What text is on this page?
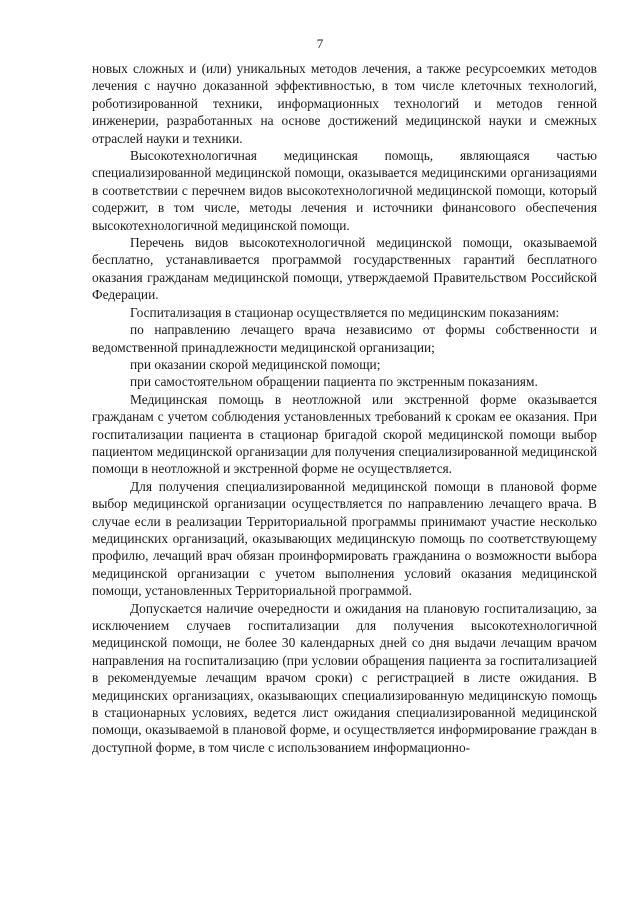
7

новых сложных и (или) уникальных методов лечения, а также ресурсоемких методов лечения с научно доказанной эффективностью, в том числе клеточных технологий, роботизированной техники, информационных технологий и методов генной инженерии, разработанных на основе достижений медицинской науки и смежных отраслей науки и техники.

Высокотехнологичная медицинская помощь, являющаяся частью специализированной медицинской помощи, оказывается медицинскими организациями в соответствии с перечнем видов высокотехнологичной медицинской помощи, который содержит, в том числе, методы лечения и источники финансового обеспечения высокотехнологичной медицинской помощи.

Перечень видов высокотехнологичной медицинской помощи, оказываемой бесплатно, устанавливается программой государственных гарантий бесплатного оказания гражданам медицинской помощи, утверждаемой Правительством Российской Федерации.

Госпитализация в стационар осуществляется по медицинским показаниям:

по направлению лечащего врача независимо от формы собственности и ведомственной принадлежности медицинской организации;

при оказании скорой медицинской помощи;

при самостоятельном обращении пациента по экстренным показаниям.

Медицинская помощь в неотложной или экстренной форме оказывается гражданам с учетом соблюдения установленных требований к срокам ее оказания. При госпитализации пациента в стационар бригадой скорой медицинской помощи выбор пациентом медицинской организации для получения специализированной медицинской помощи в неотложной и экстренной форме не осуществляется.

Для получения специализированной медицинской помощи в плановой форме выбор медицинской организации осуществляется по направлению лечащего врача. В случае если в реализации Территориальной программы принимают участие несколько медицинских организаций, оказывающих медицинскую помощь по соответствующему профилю, лечащий врач обязан проинформировать гражданина о возможности выбора медицинской организации с учетом выполнения условий оказания медицинской помощи, установленных Территориальной программой.

Допускается наличие очередности и ожидания на плановую госпитализацию, за исключением случаев госпитализации для получения высокотехнологичной медицинской помощи, не более 30 календарных дней со дня выдачи лечащим врачом направления на госпитализацию (при условии обращения пациента за госпитализацией в рекомендуемые лечащим врачом сроки) с регистрацией в листе ожидания. В медицинских организациях, оказывающих специализированную медицинскую помощь в стационарных условиях, ведется лист ожидания специализированной медицинской помощи, оказываемой в плановой форме, и осуществляется информирование граждан в доступной форме, в том числе с использованием информационно-
